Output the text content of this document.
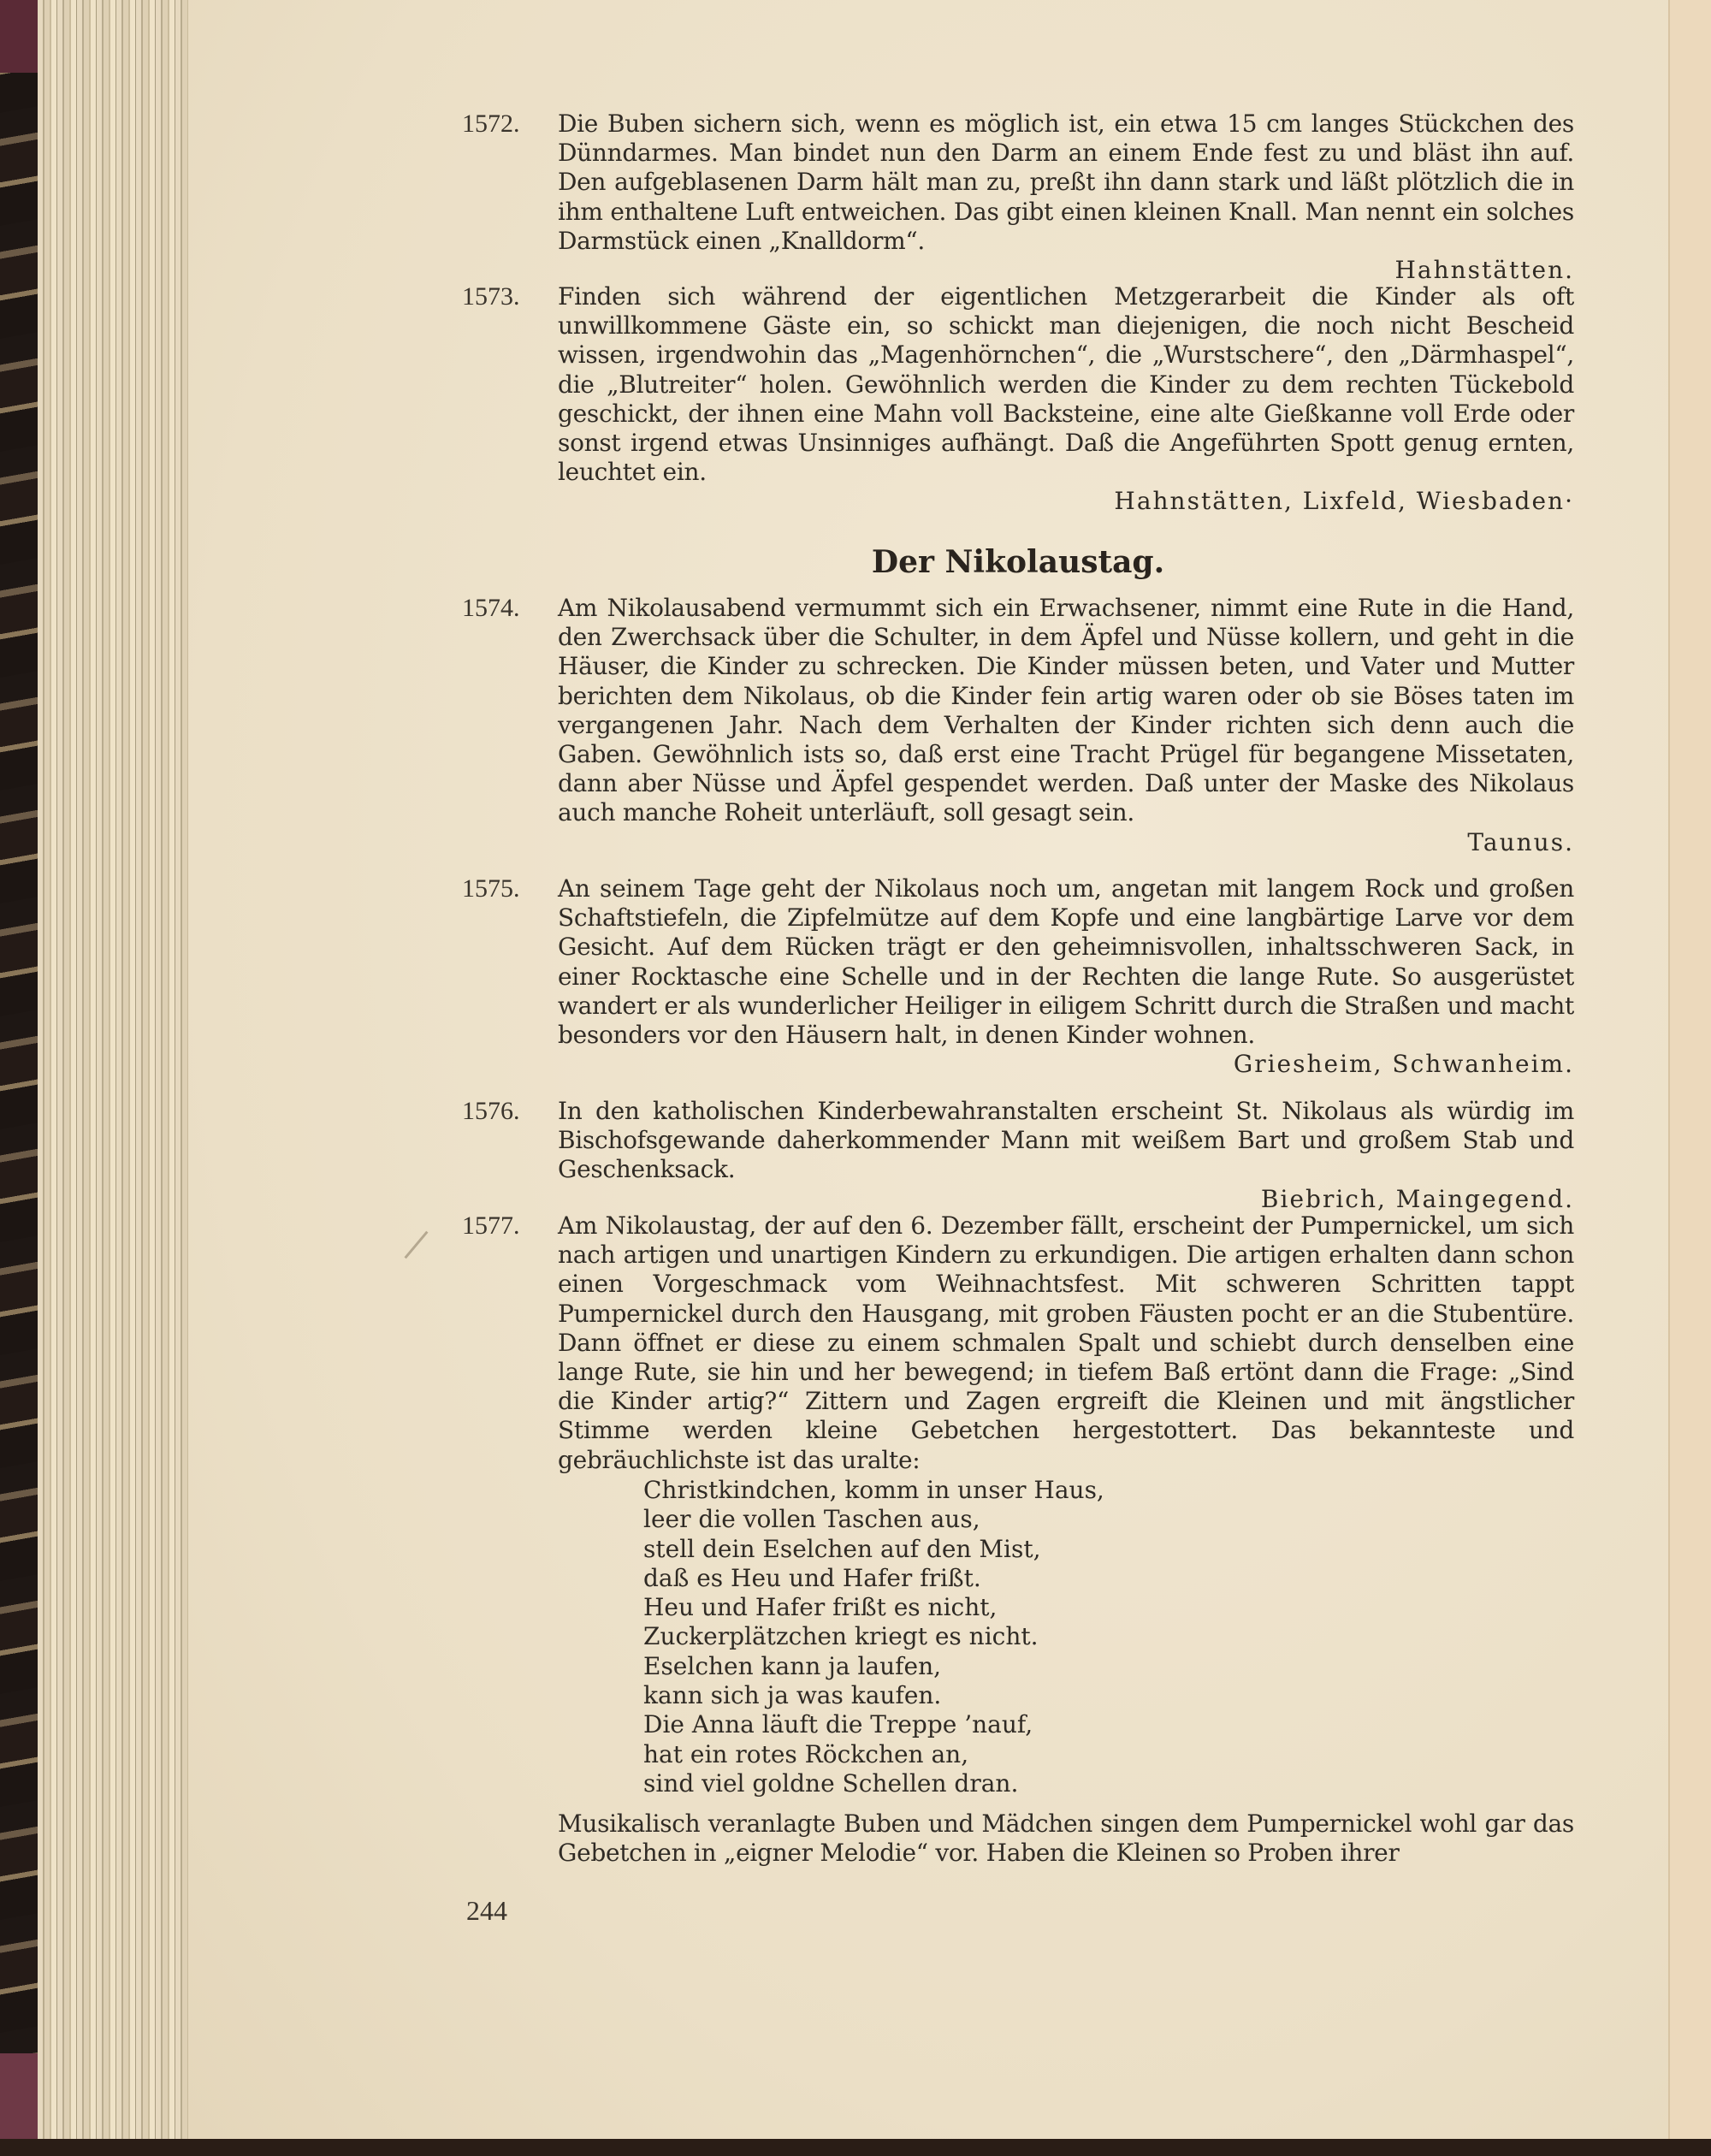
1572.	Die Buben sichern sich, wenn es möglich ist, ein etwa 15 cm langes Stückchen des Dünndarmes. Man bindet nun den Darm an einem Ende fest zu und bläst ihn auf. Den aufgeblasenen Darm hält man zu, preßt ihn dann stark und läßt plötzlich die in ihm enthaltene Luft entweichen. Das gibt einen kleinen Knall. Man nennt ein solches Darmstück einen „Knalldorm“.
Hahnstätten.
1573.	Finden sich während der eigentlichen Metzgerarbeit die Kinder als oft unwillkommene Gäste ein, so schickt man diejenigen, die noch nicht Bescheid wissen, irgendwohin das „Magenhörnchen“, die „Wurstschere“, den „Därmhaspel“, die „Blutreiter“ holen. Gewöhnlich werden die Kinder zu dem rechten Tückebold geschickt, der ihnen eine Mahn voll Backsteine, eine alte Gießkanne voll Erde oder sonst irgend etwas Unsinniges aufhängt. Daß die Angeführten Spott genug ernten, leuchtet ein.
Hahnstätten, Lixfeld, Wiesbaden·
Der Nikolaustag.
1574.	Am Nikolausabend vermummt sich ein Erwachsener, nimmt eine Rute in die Hand, den Zwerchsack über die Schulter, in dem Äpfel und Nüsse kollern, und geht in die Häuser, die Kinder zu schrecken. Die Kinder müssen beten, und Vater und Mutter berichten dem Nikolaus, ob die Kinder fein artig waren oder ob sie Böses taten im vergangenen Jahr. Nach dem Verhalten der Kinder richten sich denn auch die Gaben. Gewöhnlich ists so, daß erst eine Tracht Prügel für begangene Missetaten, dann aber Nüsse und Äpfel gespendet werden. Daß unter der Maske des Nikolaus auch manche Roheit unterläuft, soll gesagt sein.
Taunus.
1575.	An seinem Tage geht der Nikolaus noch um, angetan mit langem Rock und großen Schaftstiefeln, die Zipfelmütze auf dem Kopfe und eine langbärtige Larve vor dem Gesicht. Auf dem Rücken trägt er den geheimnisvollen, inhaltsschweren Sack, in einer Rocktasche eine Schelle und in der Rechten die lange Rute. So ausgerüstet wandert er als wunderlicher Heiliger in eiligem Schritt durch die Straßen und macht besonders vor den Häusern halt, in denen Kinder wohnen.
Griesheim, Schwanheim.
1576.	In den katholischen Kinderbewahranstalten erscheint St. Nikolaus als würdig im Bischofsgewande daherkommender Mann mit weißem Bart und großem Stab und Geschenksack.
Biebrich, Maingegend.
1577.	Am Nikolaustag, der auf den 6. Dezember fällt, erscheint der Pumpernickel, um sich nach artigen und unartigen Kindern zu erkundigen. Die artigen erhalten dann schon einen Vorgeschmack vom Weihnachtsfest. Mit schweren Schritten tappt Pumpernickel durch den Hausgang, mit groben Fäusten pocht er an die Stubentüre. Dann öffnet er diese zu einem schmalen Spalt und schiebt durch denselben eine lange Rute, sie hin und her bewegend; in tiefem Baß ertönt dann die Frage: „Sind die Kinder artig?“ Zittern und Zagen ergreift die Kleinen und mit ängstlicher Stimme werden kleine Gebetchen hergestottert. Das bekannteste und gebräuchlichste ist das uralte:
Christkindchen, komm in unser Haus,
leer die vollen Taschen aus,
stell dein Eselchen auf den Mist,
daß es Heu und Hafer frißt.
Heu und Hafer frißt es nicht,
Zuckerplätzchen kriegt es nicht.
Eselchen kann ja laufen,
kann sich ja was kaufen.
Die Anna läuft die Treppe ’nauf,
hat ein rotes Röckchen an,
sind viel goldne Schellen dran.
Musikalisch veranlagte Buben und Mädchen singen dem Pumpernickel wohl gar das Gebetchen in „eigner Melodie“ vor. Haben die Kleinen so Proben ihrer
244
